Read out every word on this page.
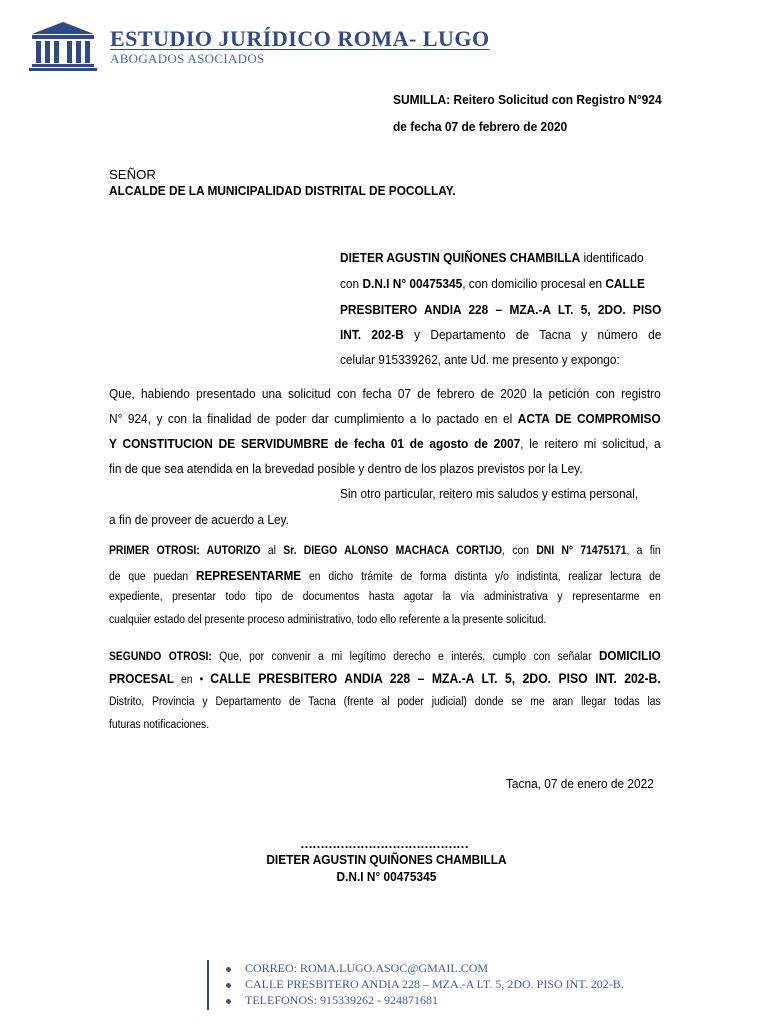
ESTUDIO JURÍDICO ROMA- LUGO
ABOGADOS ASOCIADOS
SUMILLA: Reitero Solicitud con Registro N°924
de fecha 07 de febrero de 2020
SEÑOR
ALCALDE DE LA MUNICIPALIDAD DISTRITAL DE POCOLLAY.
DIETER AGUSTIN QUIÑONES CHAMBILLA identificado
con D.N.I N° 00475345, con domicilio procesal en CALLE
PRESBITERO ANDIA 228 – MZA.-A LT. 5, 2DO. PISO
INT. 202-B y Departamento de Tacna y número de
celular 915339262, ante Ud. me presento y expongo:
Que, habiendo presentado una solicitud con fecha 07 de febrero de 2020 la petición con registro
N° 924, y con la finalidad de poder dar cumplimiento a lo pactado en el ACTA DE COMPROMISO
Y CONSTITUCION DE SERVIDUMBRE de fecha 01 de agosto de 2007, le reitero mi solicitud, a
fin de que sea atendida en la brevedad posible y dentro de los plazos previstos por la Ley.
Sin otro particular, reitero mis saludos y estima personal,
a fin de proveer de acuerdo a Ley.
PRIMER OTROSI: AUTORIZO al Sr. DIEGO ALONSO MACHACA CORTIJO, con DNI N° 71475171, a fin
de que puedan REPRESENTARME en dicho trámite de forma distinta y/o indistinta, realizar lectura de
expediente, presentar todo tipo de documentos hasta agotar la vía administrativa y representarme en
cualquier estado del presente proceso administrativo, todo ello referente a la presente solicitud.
SEGUNDO OTROSI: Que, por convenir a mi legítimo derecho e interés, cumplo con señalar DOMICILIO
PROCESAL en • CALLE PRESBITERO ANDIA 228 – MZA.-A LT. 5, 2DO. PISO INT. 202-B.
Distrito, Provincia y Departamento de Tacna (frente al poder judicial) donde se me aran llegar todas las
futuras notificaciones.
Tacna, 07 de enero de 2022
……………………………………
DIETER AGUSTIN QUIÑONES CHAMBILLA
D.N.I N° 00475345
CORREO: ROMA.LUGO.ASOC@GMAIL.COM
CALLE PRESBITERO ANDIA 228 – MZA.-A LT. 5, 2DO. PISO INT. 202-B.
TELEFONOS: 915339262 - 924871681
